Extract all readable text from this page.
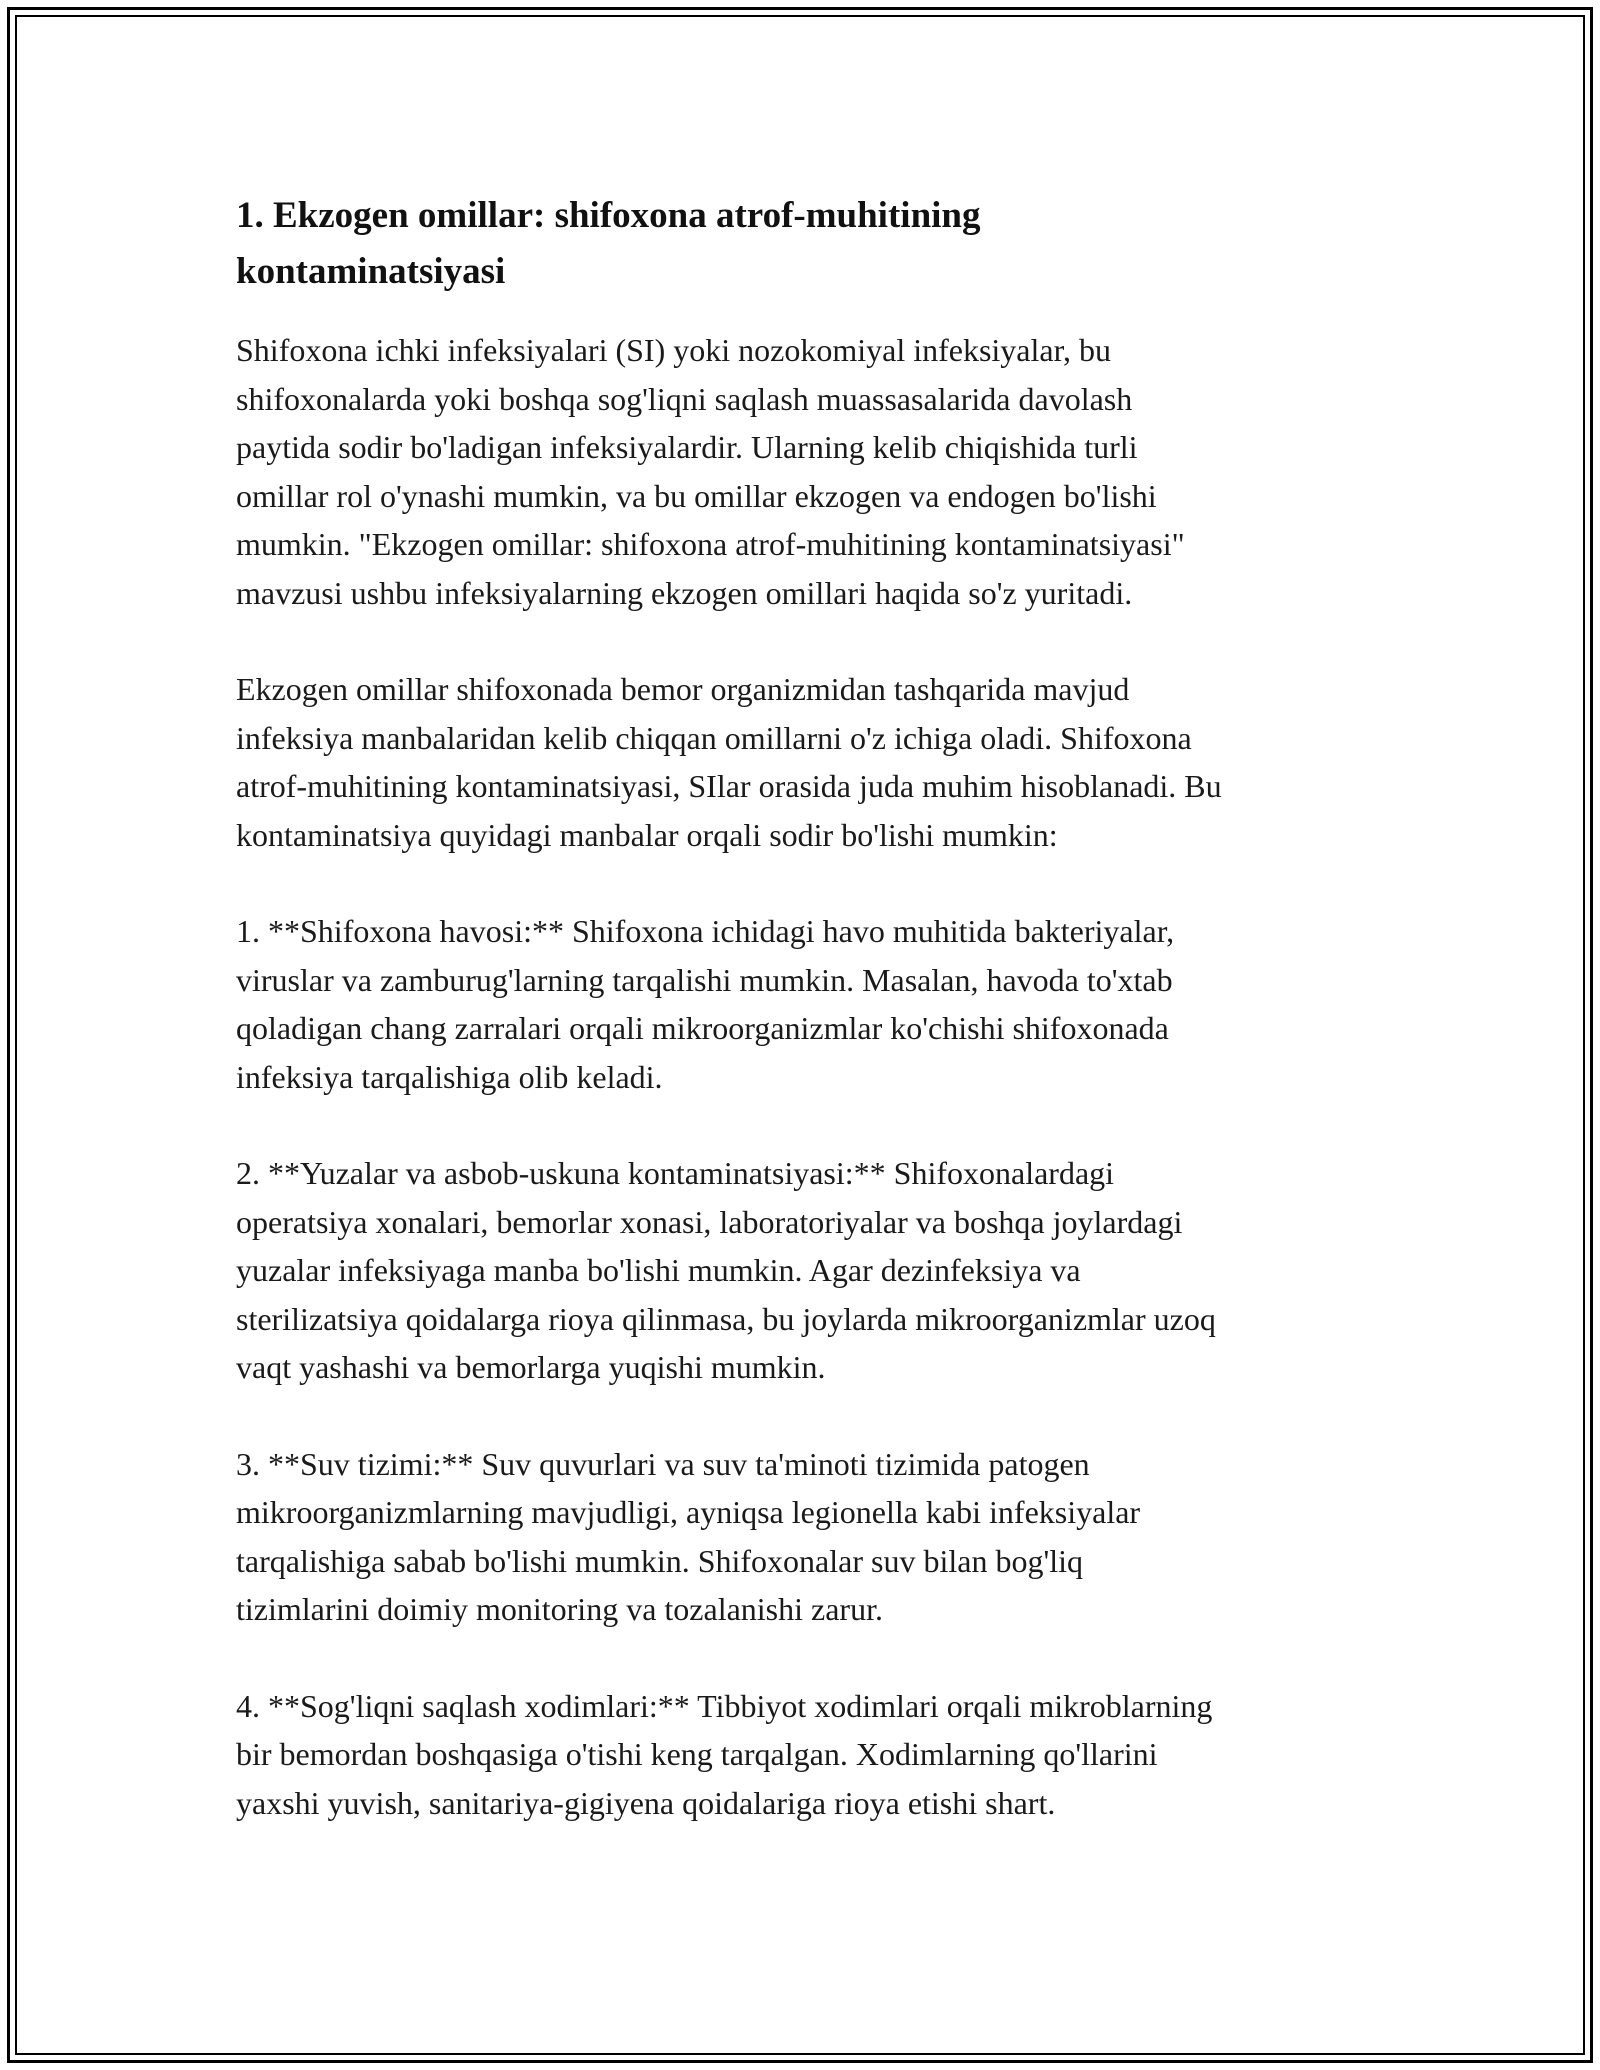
1. Ekzogen omillar: shifoxona atrof-muhitining
kontaminatsiyasi

Shifoxona ichki infeksiyalari (SI) yoki nozokomiyal infeksiyalar, bu
shifoxonalarda yoki boshqa sog'liqni saqlash muassasalarida davolash
paytida sodir bo'ladigan infeksiyalardir. Ularning kelib chiqishida turli
omillar rol o'ynashi mumkin, va bu omillar ekzogen va endogen bo'lishi
mumkin. "Ekzogen omillar: shifoxona atrof-muhitining kontaminatsiyasi"
mavzusi ushbu infeksiyalarning ekzogen omillari haqida so'z yuritadi.

Ekzogen omillar shifoxonada bemor organizmidan tashqarida mavjud
infeksiya manbalaridan kelib chiqqan omillarni o'z ichiga oladi. Shifoxona
atrof-muhitining kontaminatsiyasi, SIlar orasida juda muhim hisoblanadi. Bu
kontaminatsiya quyidagi manbalar orqali sodir bo'lishi mumkin:

1. **Shifoxona havosi:** Shifoxona ichidagi havo muhitida bakteriyalar,
viruslar va zamburug'larning tarqalishi mumkin. Masalan, havoda to'xtab
qoladigan chang zarralari orqali mikroorganizmlar ko'chishi shifoxonada
infeksiya tarqalishiga olib keladi.

2. **Yuzalar va asbob-uskuna kontaminatsiyasi:** Shifoxonalardagi
operatsiya xonalari, bemorlar xonasi, laboratoriyalar va boshqa joylardagi
yuzalar infeksiyaga manba bo'lishi mumkin. Agar dezinfeksiya va
sterilizatsiya qoidalarga rioya qilinmasa, bu joylarda mikroorganizmlar uzoq
vaqt yashashi va bemorlarga yuqishi mumkin.

3. **Suv tizimi:** Suv quvurlari va suv ta'minoti tizimida patogen
mikroorganizmlarning mavjudligi, ayniqsa legionella kabi infeksiyalar
tarqalishiga sabab bo'lishi mumkin. Shifoxonalar suv bilan bog'liq
tizimlarini doimiy monitoring va tozalanishi zarur.

4. **Sog'liqni saqlash xodimlari:** Tibbiyot xodimlari orqali mikroblarning
bir bemordan boshqasiga o'tishi keng tarqalgan. Xodimlarning qo'llarini
yaxshi yuvish, sanitariya-gigiyena qoidalariga rioya etishi shart.
